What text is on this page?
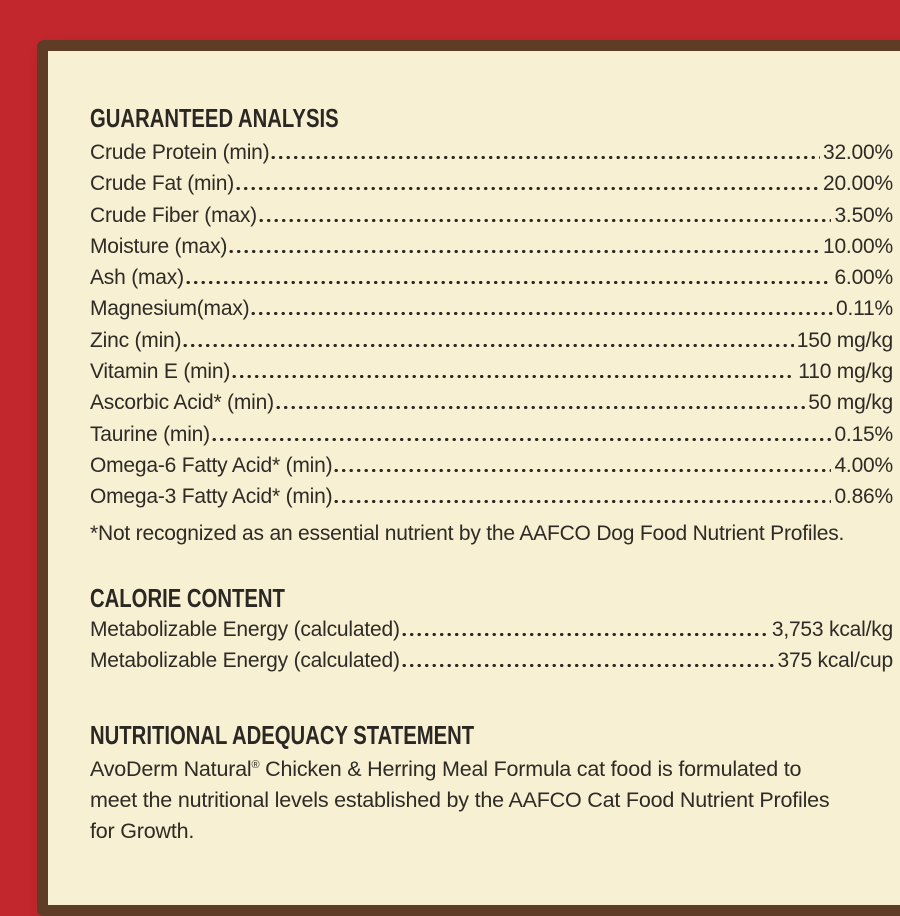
GUARANTEED ANALYSIS
Crude Protein (min)	32.00%
Crude Fat (min)	20.00%
Crude Fiber (max)	3.50%
Moisture (max)	10.00%
Ash (max)	6.00%
Magnesium(max)	0.11%
Zinc (min)	150 mg/kg
Vitamin E (min)	110 mg/kg
Ascorbic Acid* (min)	50 mg/kg
Taurine (min)	0.15%
Omega-6 Fatty Acid* (min)	4.00%
Omega-3 Fatty Acid* (min)	0.86%
*Not recognized as an essential nutrient by the AAFCO Dog Food Nutrient Profiles.
CALORIE CONTENT
Metabolizable Energy (calculated)	3,753 kcal/kg
Metabolizable Energy (calculated)	375 kcal/cup
NUTRITIONAL ADEQUACY STATEMENT
AvoDerm Natural® Chicken & Herring Meal Formula cat food is formulated to meet the nutritional levels established by the AAFCO Cat Food Nutrient Profiles for Growth.
